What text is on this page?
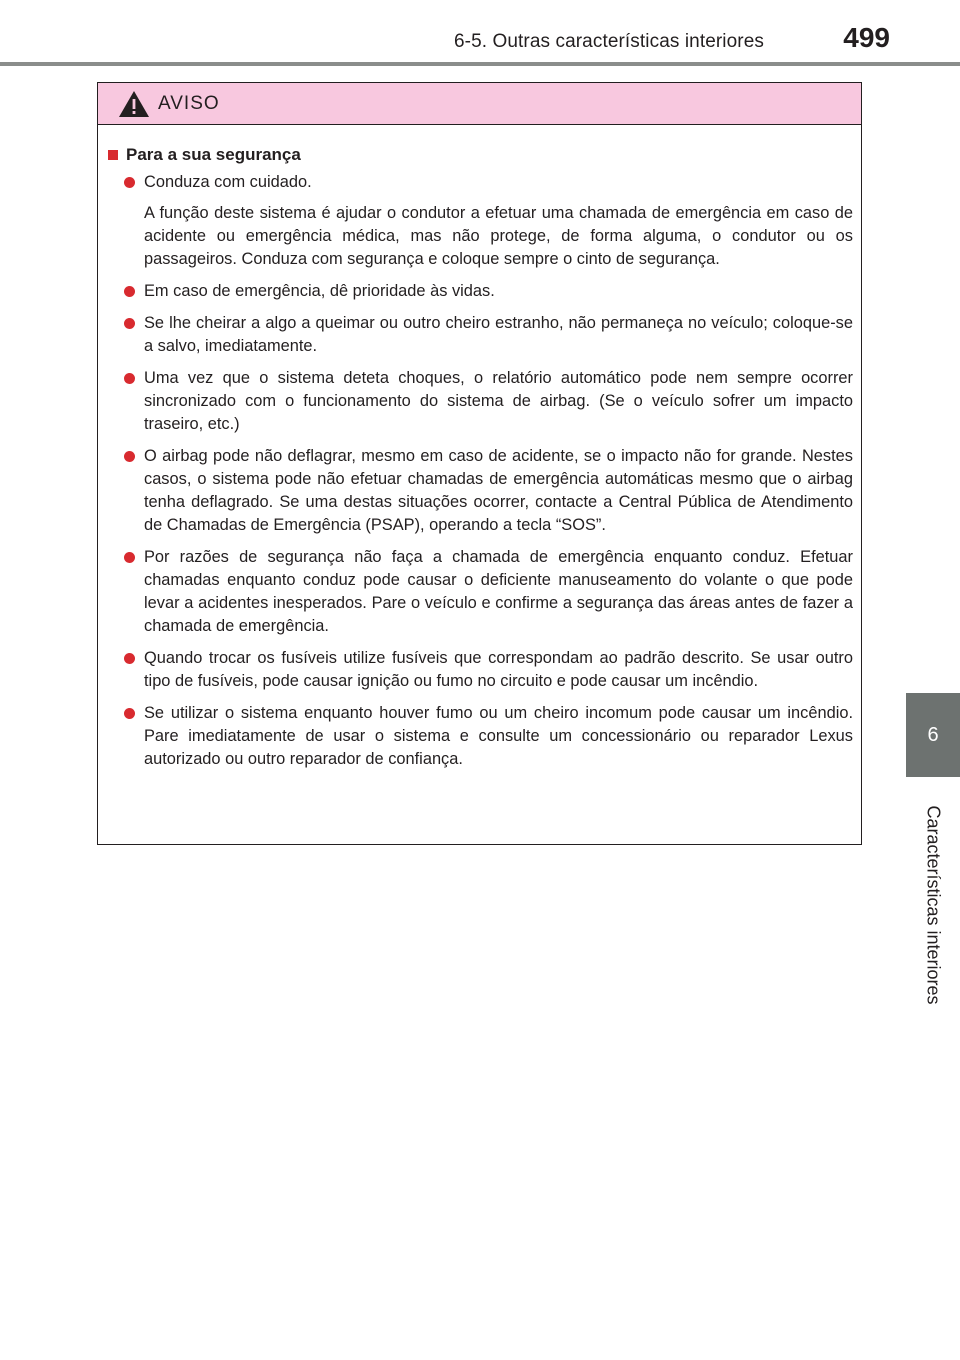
6-5. Outras características interiores	499
6
Características interiores
AVISO
Para a sua segurança

Conduza com cuidado.

A função deste sistema é ajudar o condutor a efetuar uma chamada de emergência em caso de acidente ou emergência médica, mas não protege, de forma alguma, o condutor ou os passageiros. Conduza com segurança e coloque sempre o cinto de segurança.

Em caso de emergência, dê prioridade às vidas.

Se lhe cheirar a algo a queimar ou outro cheiro estranho, não permaneça no veículo; coloque-se a salvo, imediatamente.

Uma vez que o sistema deteta choques, o relatório automático pode nem sempre ocorrer sincronizado com o funcionamento do sistema de airbag. (Se o veículo sofrer um impacto traseiro, etc.)

O airbag pode não deflagrar, mesmo em caso de acidente, se o impacto não for grande. Nestes casos, o sistema pode não efetuar chamadas de emergência automáticas mesmo que o airbag tenha deflagrado. Se uma destas situações ocorrer, contacte a Central Pública de Atendimento de Chamadas de Emergência (PSAP), operando a tecla “SOS”.

Por razões de segurança não faça a chamada de emergência enquanto conduz. Efetuar chamadas enquanto conduz pode causar o deficiente manuseamento do volante o que pode levar a acidentes inesperados. Pare o veículo e confirme a segurança das áreas antes de fazer a chamada de emergência.

Quando trocar os fusíveis utilize fusíveis que correspondam ao padrão descrito. Se usar outro tipo de fusíveis, pode causar ignição ou fumo no circuito e pode causar um incêndio.

Se utilizar o sistema enquanto houver fumo ou um cheiro incomum pode causar um incêndio. Pare imediatamente de usar o sistema e consulte um concessionário ou reparador Lexus autorizado ou outro reparador de confiança.
